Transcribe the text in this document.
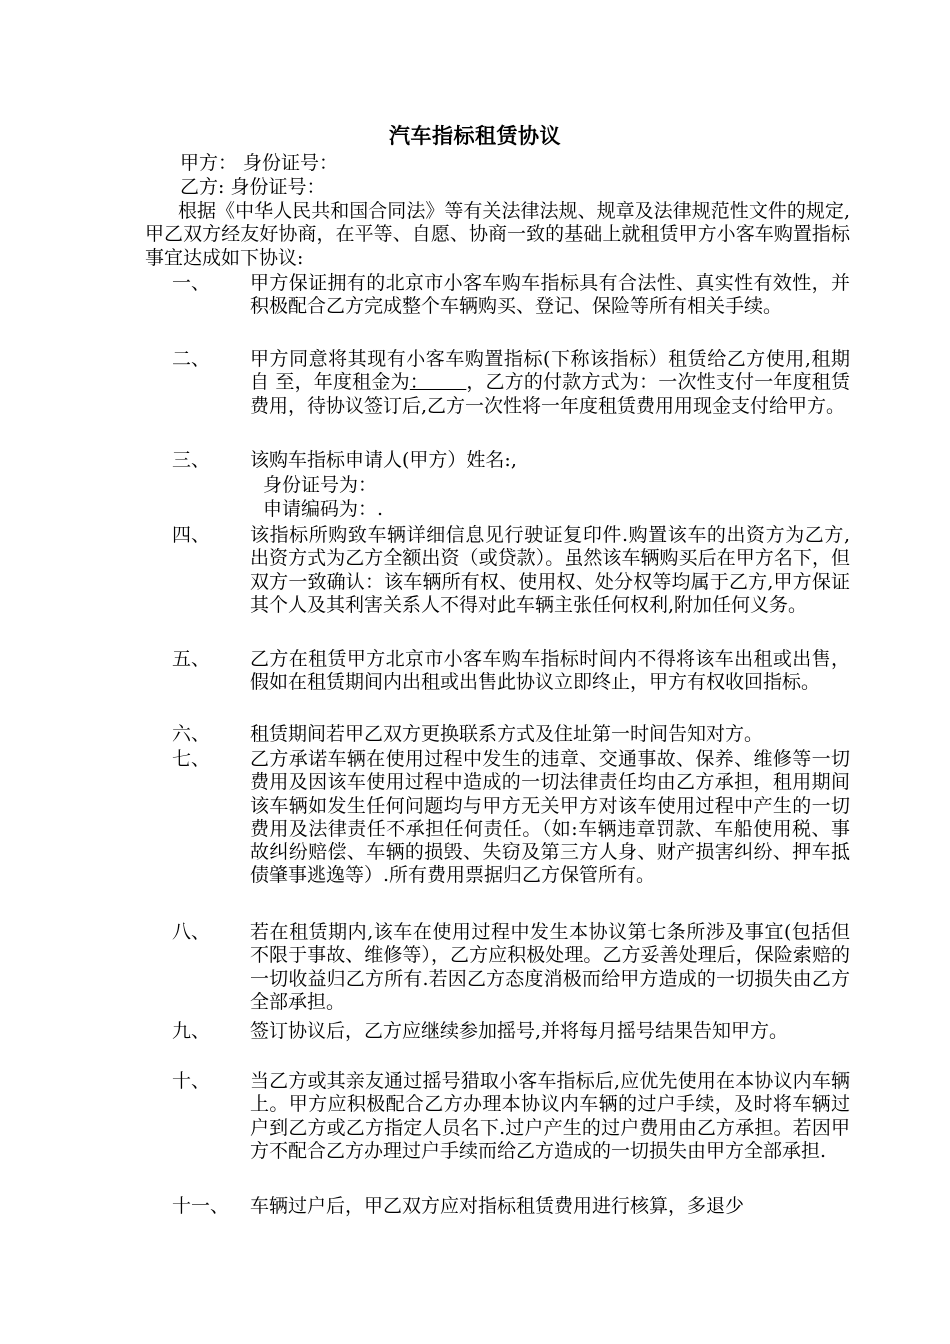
汽车指标租赁协议
甲方： 身份证号：
乙方: 身份证号：
根据《中华人民共和国合同法》等有关法律法规、规章及法律规范性文件的规定,甲乙双方经友好协商，在平等、自愿、协商一致的基础上就租赁甲方小客车购置指标事宜达成如下协议:
一、 甲方保证拥有的北京市小客车购车指标具有合法性、真实性有效性，并积极配合乙方完成整个车辆购买、登记、保险等所有相关手续。
二、 甲方同意将其现有小客车购置指标(下称该指标）租赁给乙方使用,租期自 至，年度租金为：      ，乙方的付款方式为：一次性支付一年度租赁费用，待协议签订后,乙方一次性将一年度租赁费用用现金支付给甲方。
三、 该购车指标申请人(甲方）姓名:,
身份证号为：
申请编码为：.
四、 该指标所购致车辆详细信息见行驶证复印件.购置该车的出资方为乙方,出资方式为乙方全额出资（或贷款）。虽然该车辆购买后在甲方名下，但双方一致确认：该车辆所有权、使用权、处分权等均属于乙方,甲方保证其个人及其利害关系人不得对此车辆主张任何权利,附加任何义务。
五、 乙方在租赁甲方北京市小客车购车指标时间内不得将该车出租或出售，假如在租赁期间内出租或出售此协议立即终止，甲方有权收回指标。
六、 租赁期间若甲乙双方更换联系方式及住址第一时间告知对方。
七、 乙方承诺车辆在使用过程中发生的违章、交通事故、保养、维修等一切费用及因该车使用过程中造成的一切法律责任均由乙方承担，租用期间该车辆如发生任何问题均与甲方无关甲方对该车使用过程中产生的一切费用及法律责任不承担任何责任。（如:车辆违章罚款、车船使用税、事故纠纷赔偿、车辆的损毁、失窃及第三方人身、财产损害纠纷、押车抵债肇事逃逸等）.所有费用票据归乙方保管所有。
八、 若在租赁期内,该车在使用过程中发生本协议第七条所涉及事宜(包括但不限于事故、维修等），乙方应积极处理。乙方妥善处理后，保险索赔的一切收益归乙方所有.若因乙方态度消极而给甲方造成的一切损失由乙方全部承担。
九、 签订协议后，乙方应继续参加摇号,并将每月摇号结果告知甲方。
十、 当乙方或其亲友通过摇号猎取小客车指标后,应优先使用在本协议内车辆上。甲方应积极配合乙方办理本协议内车辆的过户手续，及时将车辆过户到乙方或乙方指定人员名下.过户产生的过户费用由乙方承担。若因甲方不配合乙方办理过户手续而给乙方造成的一切损失由甲方全部承担.
十一、 车辆过户后，甲乙双方应对指标租赁费用进行核算，多退少
